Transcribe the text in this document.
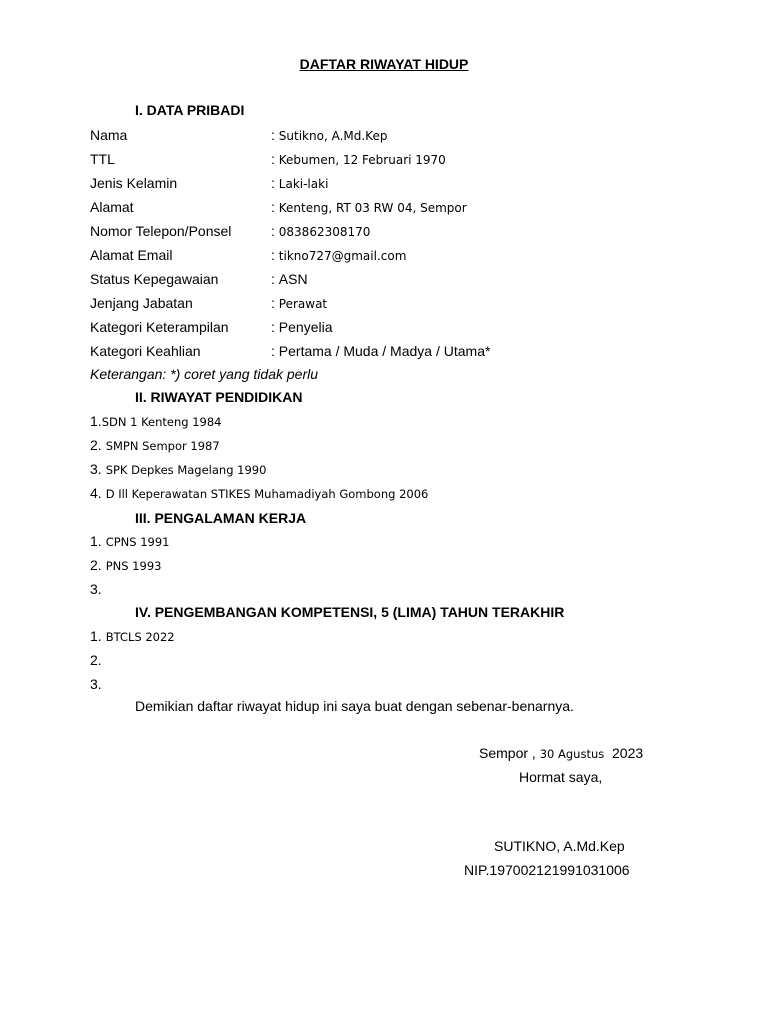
DAFTAR RIWAYAT HIDUP
I. DATA PRIBADI
Nama	: Sutikno, A.Md.Kep
TTL	: Kebumen, 12 Februari 1970
Jenis Kelamin	: Laki-laki
Alamat	: Kenteng, RT 03 RW 04, Sempor
Nomor Telepon/Ponsel	: 083862308170
Alamat Email	: tikno727@gmail.com
Status Kepegawaian	: ASN
Jenjang Jabatan	: Perawat
Kategori Keterampilan	: Penyelia
Kategori Keahlian	: Pertama / Muda / Madya / Utama*
Keterangan: *) coret yang tidak perlu
II. RIWAYAT PENDIDIKAN
1.SDN 1 Kenteng 1984
2. SMPN Sempor 1987
3. SPK Depkes Magelang 1990
4. D Ill Keperawatan STIKES Muhamadiyah Gombong 2006
III. PENGALAMAN KERJA
1. CPNS 1991
2. PNS 1993
3.
IV. PENGEMBANGAN KOMPETENSI, 5 (LIMA) TAHUN TERAKHIR
1. BTCLS 2022
2.
3.
Demikian daftar riwayat hidup ini saya buat dengan sebenar-benarnya.
Sempor , 30 Agustus 2023
Hormat saya,
SUTIKNO, A.Md.Kep
NIP.197002121991031006
